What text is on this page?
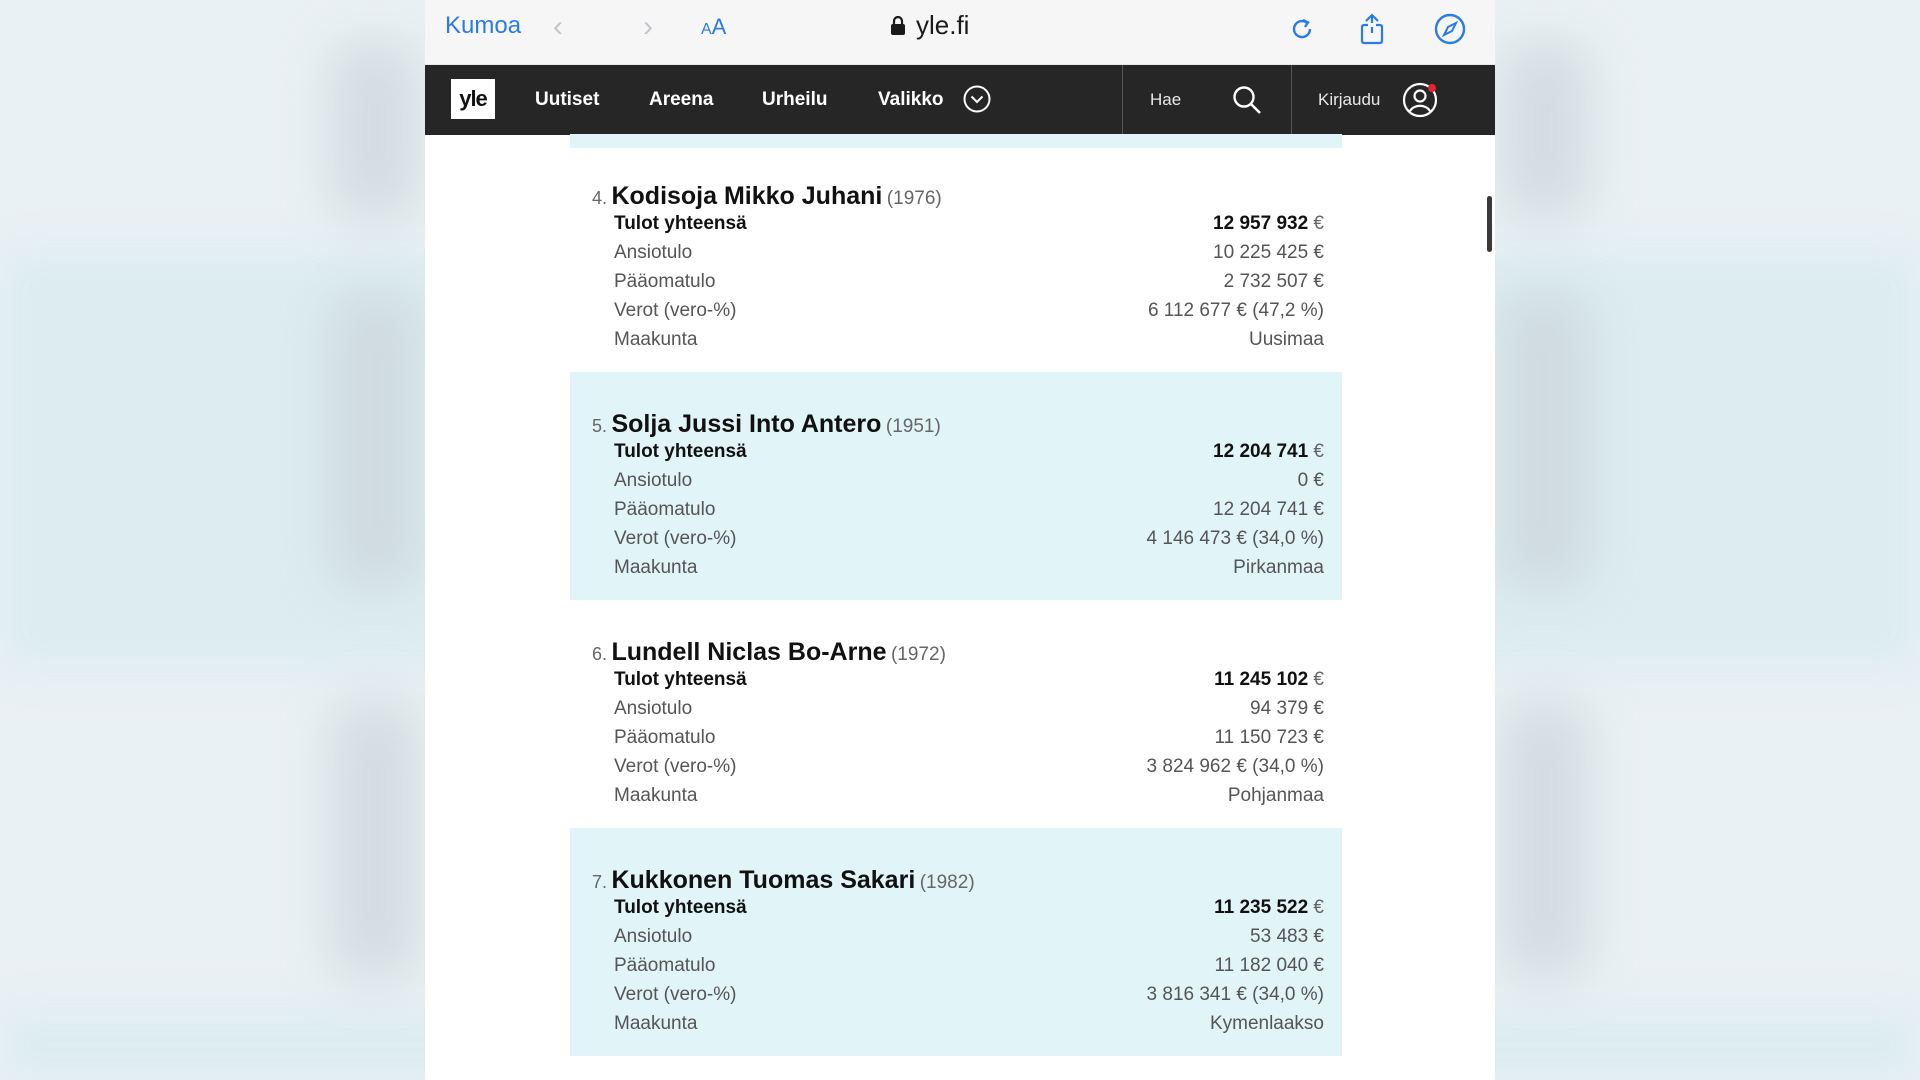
Kumoa ‹	›	AA	yle.fi
yle	Uutiset	Areena	Urheilu	Valikko	Hae	Kirjaudu
4. Kodisoja Mikko Juhani (1976)
Tulot yhteensä	12 957 932 €
Ansiotulo	10 225 425 €
Pääomatulo	2 732 507 €
Verot (vero-%)	6 112 677 € (47,2 %)
Maakunta	Uusimaa
5. Solja Jussi Into Antero (1951)
Tulot yhteensä	12 204 741 €
Ansiotulo	0 €
Pääomatulo	12 204 741 €
Verot (vero-%)	4 146 473 € (34,0 %)
Maakunta	Pirkanmaa
6. Lundell Niclas Bo-Arne (1972)
Tulot yhteensä	11 245 102 €
Ansiotulo	94 379 €
Pääomatulo	11 150 723 €
Verot (vero-%)	3 824 962 € (34,0 %)
Maakunta	Pohjanmaa
7. Kukkonen Tuomas Sakari (1982)
Tulot yhteensä	11 235 522 €
Ansiotulo	53 483 €
Pääomatulo	11 182 040 €
Verot (vero-%)	3 816 341 € (34,0 %)
Maakunta	Kymenlaakso
